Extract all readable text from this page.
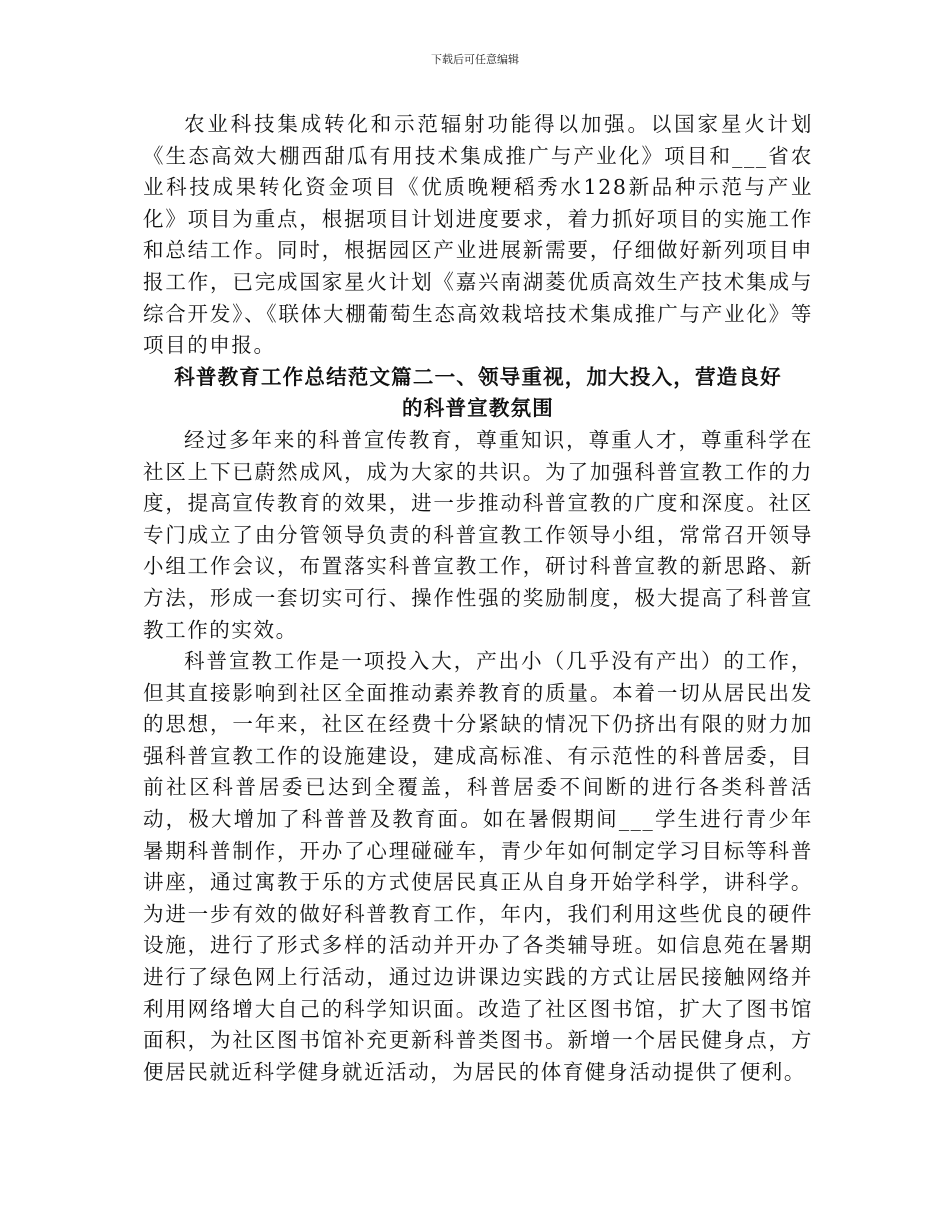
下载后可任意编辑

农业科技集成转化和示范辐射功能得以加强。以国家星火计划《生态高效大棚西甜瓜有用技术集成推广与产业化》项目和___省农业科技成果转化资金项目《优质晚粳稻秀水128新品种示范与产业化》项目为重点，根据项目计划进度要求，着力抓好项目的实施工作和总结工作。同时，根据园区产业进展新需要，仔细做好新列项目申报工作，已完成国家星火计划《嘉兴南湖菱优质高效生产技术集成与综合开发》、《联体大棚葡萄生态高效栽培技术集成推广与产业化》等项目的申报。

科普教育工作总结范文篇二一、领导重视，加大投入，营造良好
的科普宣教氛围

经过多年来的科普宣传教育，尊重知识，尊重人才，尊重科学在社区上下已蔚然成风，成为大家的共识。为了加强科普宣教工作的力度，提高宣传教育的效果，进一步推动科普宣教的广度和深度。社区专门成立了由分管领导负责的科普宣教工作领导小组，常常召开领导小组工作会议，布置落实科普宣教工作，研讨科普宣教的新思路、新方法，形成一套切实可行、操作性强的奖励制度，极大提高了科普宣教工作的实效。

科普宣教工作是一项投入大，产出小（几乎没有产出）的工作，但其直接影响到社区全面推动素养教育的质量。本着一切从居民出发的思想，一年来，社区在经费十分紧缺的情况下仍挤出有限的财力加强科普宣教工作的设施建设，建成高标准、有示范性的科普居委，目前社区科普居委已达到全覆盖，科普居委不间断的进行各类科普活动，极大增加了科普普及教育面。如在暑假期间___学生进行青少年暑期科普制作，开办了心理碰碰车，青少年如何制定学习目标等科普讲座，通过寓教于乐的方式使居民真正从自身开始学科学，讲科学。为进一步有效的做好科普教育工作，年内，我们利用这些优良的硬件设施，进行了形式多样的活动并开办了各类辅导班。如信息苑在暑期进行了绿色网上行活动，通过边讲课边实践的方式让居民接触网络并利用网络增大自己的科学知识面。改造了社区图书馆，扩大了图书馆面积，为社区图书馆补充更新科普类图书。新增一个居民健身点，方便居民就近科学健身就近活动，为居民的体育健身活动提供了便利。
